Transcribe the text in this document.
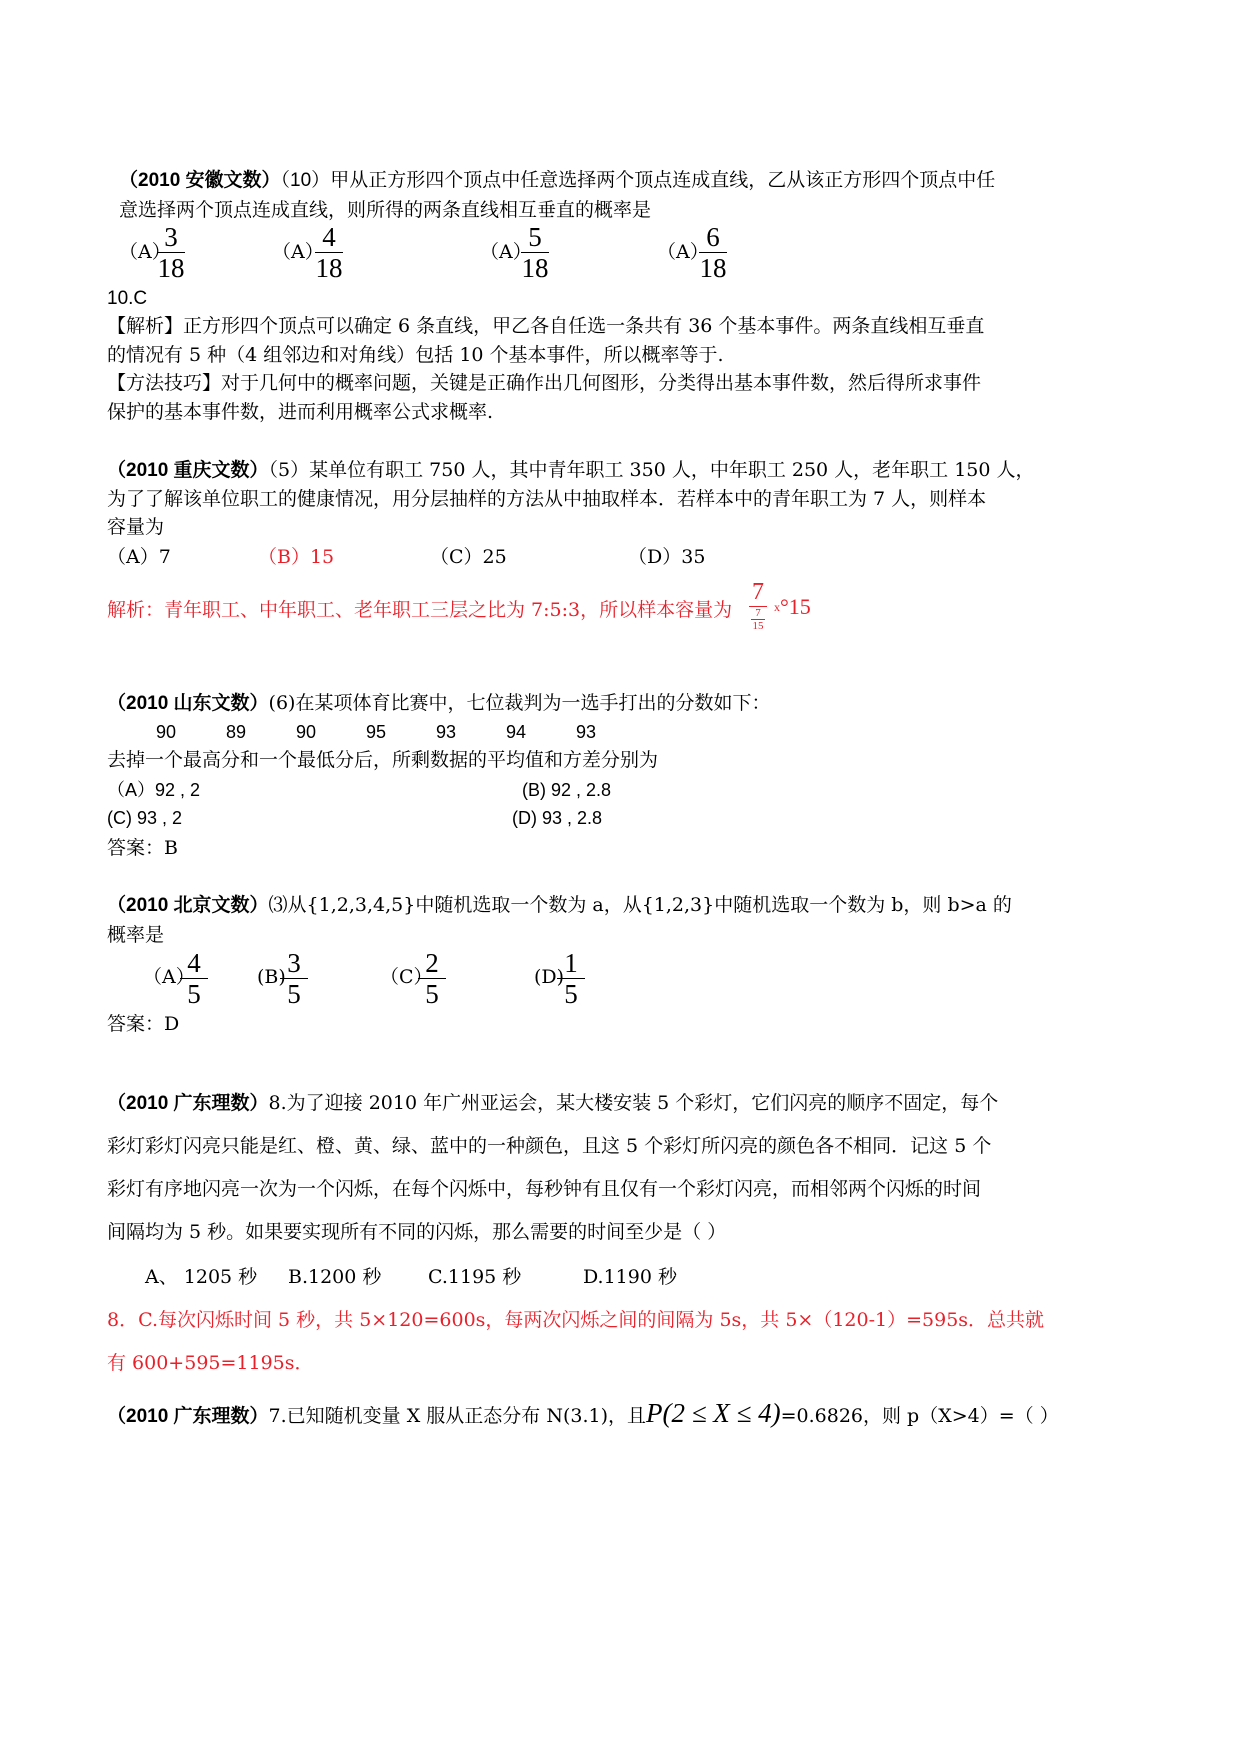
（2010 安徽文数）（10）甲从正方形四个顶点中任意选择两个顶点连成直线，乙从该正方形四个顶点中任
意选择两个顶点连成直线，则所得的两条直线相互垂直的概率是
（A）
3
18
（A）
4
18
（A）
5
18
（A）
6
18
10.C
【解析】正方形四个顶点可以确定 6 条直线，甲乙各自任选一条共有 36 个基本事件。两条直线相互垂直
的情况有 5 种（4 组邻边和对角线）包括 10 个基本事件，所以概率等于.
【方法技巧】对于几何中的概率问题，关键是正确作出几何图形，分类得出基本事件数，然后得所求事件
保护的基本事件数，进而利用概率公式求概率.
（2010 重庆文数）（5）某单位有职工 750 人，其中青年职工 350 人，中年职工 250 人，老年职工 150 人，
为了了解该单位职工的健康情况，用分层抽样的方法从中抽取样本．若样本中的青年职工为 7 人，则样本
容量为
（A）7	（B）15	（C）25	（D）35
解析：青年职工、中年职工、老年职工三层之比为 7:5:3，所以样本容量为
7
7
15
x °15
（2010 山东文数）(6)在某项体育比赛中，七位裁判为一选手打出的分数如下：
90	89	90	95	93	94	93
去掉一个最高分和一个最低分后，所剩数据的平均值和方差分别为
（A）92 , 2	(B) 92 , 2.8
(C) 93 , 2	(D) 93 , 2.8
答案：B
（2010 北京文数）⑶从{1,2,3,4,5}中随机选取一个数为 a，从{1,2,3}中随机选取一个数为 b，则 b>a 的
概率是
（A）
4
5
(B) 3
5
（C）
2
5
(D) 1
5
答案：D
（2010 广东理数）8.为了迎接 2010 年广州亚运会，某大楼安装 5 个彩灯，它们闪亮的顺序不固定，每个
彩灯彩灯闪亮只能是红、橙、黄、绿、蓝中的一种颜色，且这 5 个彩灯所闪亮的颜色各不相同．记这 5 个
彩灯有序地闪亮一次为一个闪烁，在每个闪烁中，每秒钟有且仅有一个彩灯闪亮，而相邻两个闪烁的时间
间隔均为 5 秒。如果要实现所有不同的闪烁，那么需要的时间至少是（ ）
A、 1205 秒 B.1200 秒 C.1195 秒	D.1190 秒
8．C.每次闪烁时间 5 秒，共 5×120=600s，每两次闪烁之间的间隔为 5s，共 5×（120-1）=595s．总共就
有 600+595=1195s．
（2010 广东理数）7.已知随机变量 X 服从正态分布 N(3.1)，且P(2 ≤ X ≤ 4)=0.6826，则 p（X>4）=（ ）
